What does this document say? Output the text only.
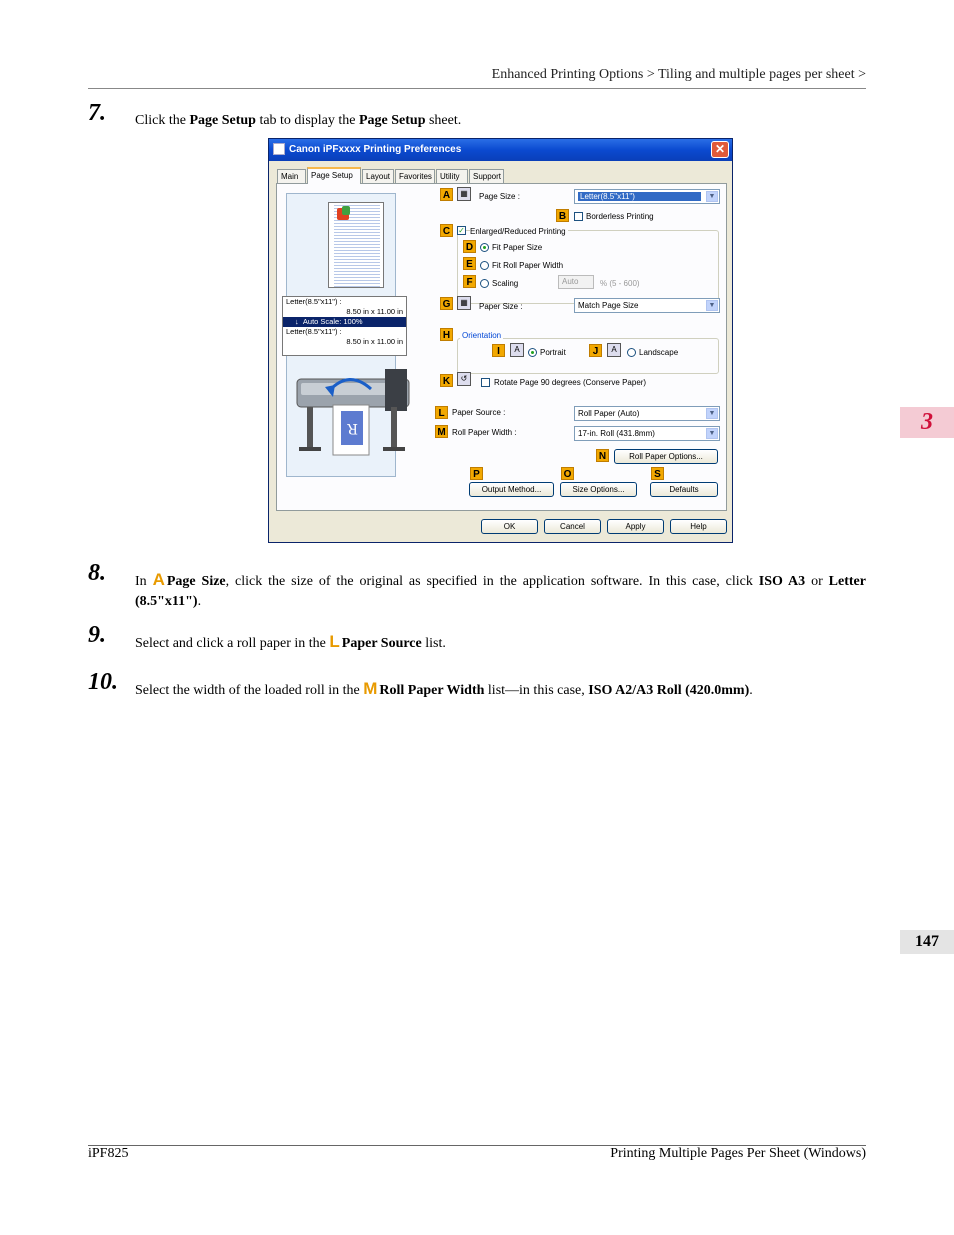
Enhanced Printing Options > Tiling and multiple pages per sheet >
7. Click the Page Setup tab to display the Page Setup sheet.
Canon iPFxxxx Printing Preferences	✕
Main	Page Setup	Layout	Favorites	Utility	Support
Letter(8.5"x11") :
8.50 in x 11.00 in
↓  Auto Scale: 100%
Letter(8.5"x11") :
8.50 in x 11.00 in
R
A	▦	Page Size :	Letter(8.5"x11")	▼
B	Borderless Printing
C	✓ Enlarged/Reduced Printing
D	Fit Paper Size
E	Fit Roll Paper Width
F	Scaling	Auto	% (5 - 600)
G	▦	Paper Size :	Match Page Size	▼
H	Orientation
I	A	Portrait	J	A	Landscape
K	↺	Rotate Page 90 degrees (Conserve Paper)
L Paper Source :	Roll Paper (Auto)	▼
M Roll Paper Width :	17-in. Roll (431.8mm)	▼
N	Roll Paper Options...
P	O	S
Output Method...	Size Options...	Defaults
OK	Cancel	Apply	Help
8. In A Page Size, click the size of the original as specified in the application software. In this case, click ISO A3 or Letter (8.5"x11").
9. Select and click a roll paper in the L Paper Source list.
10. Select the width of the loaded roll in the M Roll Paper Width list—in this case, ISO A2/A3 Roll (420.0mm).
3
147
iPF825	Printing Multiple Pages Per Sheet (Windows)
